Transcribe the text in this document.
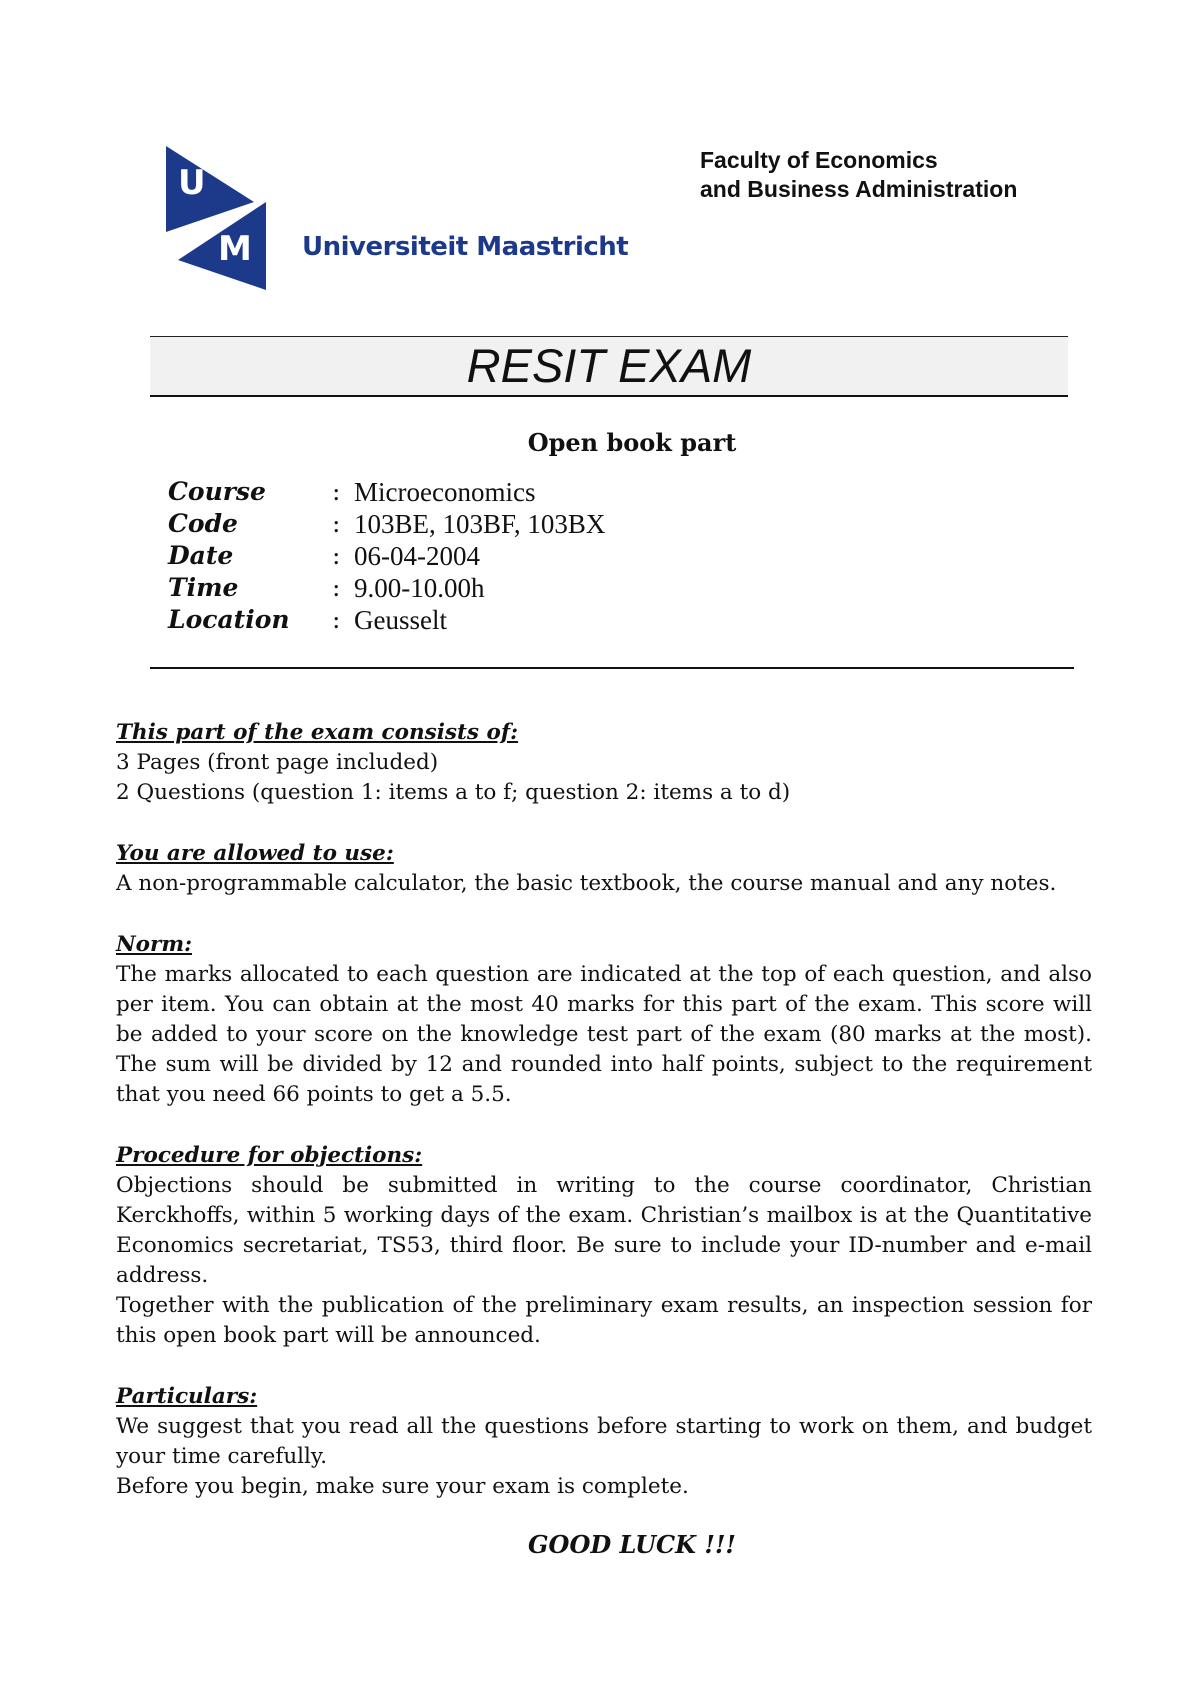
U
M Universiteit Maastricht
Faculty of Economics
and Business Administration
RESIT EXAM
Open book part
Course	: Microeconomics
Code	: 103BE, 103BF, 103BX
Date	: 06-04-2004
Time	: 9.00-10.00h
Location : Geusselt
This part of the exam consists of:
3 Pages (front page included)
2 Questions (question 1: items a to f; question 2: items a to d)
You are allowed to use:
A non-programmable calculator, the basic textbook, the course manual and any notes.
Norm:
The marks allocated to each question are indicated at the top of each question, and also per item. You can obtain at the most 40 marks for this part of the exam. This score will be added to your score on the knowledge test part of the exam (80 marks at the most). The sum will be divided by 12 and rounded into half points, subject to the requirement that you need 66 points to get a 5.5.
Procedure for objections:
Objections should be submitted in writing to the course coordinator, Christian Kerckhoffs, within 5 working days of the exam. Christian’s mailbox is at the Quantitative Economics secretariat, TS53, third floor. Be sure to include your ID-number and e-mail address.
Together with the publication of the preliminary exam results, an inspection session for this open book part will be announced.
Particulars:
We suggest that you read all the questions before starting to work on them, and budget your time carefully.
Before you begin, make sure your exam is complete.
GOOD LUCK !!!
